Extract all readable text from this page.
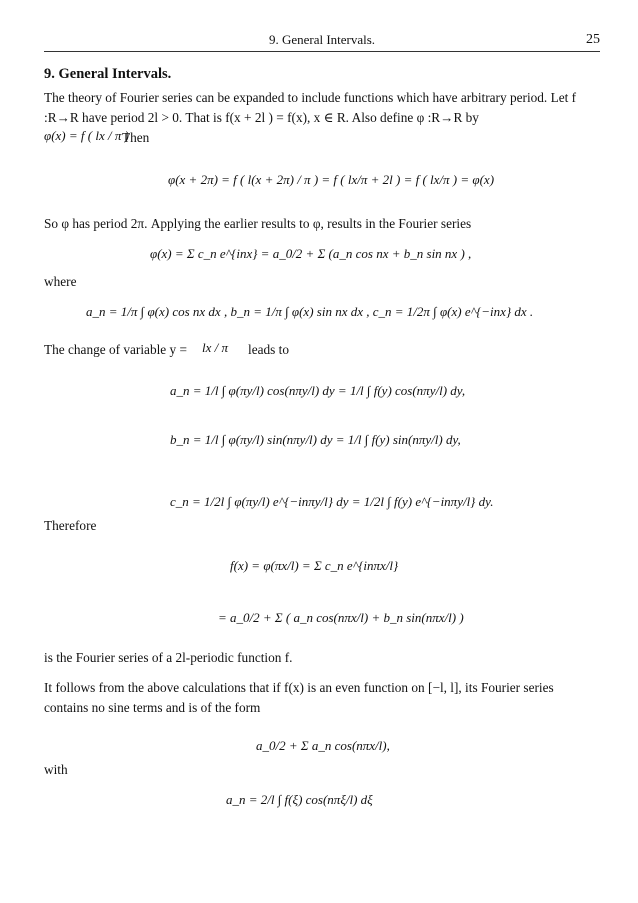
9. General Intervals.	25
9. General Intervals.
The theory of Fourier series can be expanded to include functions which have arbitrary period. Let f :R→R have period 2l > 0. That is f(x + 2l ) = f(x), x ∈ R. Also define φ :R→R by
φ(x) = f ( lx / π )
Then
φ(x + 2π) = f ( l(x + 2π) / π ) = f ( lx/π + 2l ) = f ( lx/π ) = φ(x)
So φ has period 2π. Applying the earlier results to φ, results in the Fourier series
φ(x) = Σ c_n e^{inx} = a_0/2 + Σ (a_n cos nx + b_n sin nx ) ,
where
a_n = 1/π ∫ φ(x) cos nx dx , b_n = 1/π ∫ φ(x) sin nx dx , c_n = 1/2π ∫ φ(x) e^{−inx} dx .
The change of variable y =	lx / π leads to
a_n = 1/l ∫ φ(πy/l) cos(nπy/l) dy = 1/l ∫ f(y) cos(nπy/l) dy,
b_n = 1/l ∫ φ(πy/l) sin(nπy/l) dy = 1/l ∫ f(y) sin(nπy/l) dy,
c_n = 1/2l ∫ φ(πy/l) e^{−inπy/l} dy = 1/2l ∫ f(y) e^{−inπy/l} dy.
Therefore
f(x) = φ(πx/l) = Σ c_n e^{inπx/l}
= a_0/2 + Σ ( a_n cos(nπx/l) + b_n sin(nπx/l) )
is the Fourier series of a 2l-periodic function f.
It follows from the above calculations that if f(x) is an even function on [−l, l], its Fourier series contains no sine terms and is of the form
a_0/2 + Σ a_n cos(nπx/l),
with
a_n = 2/l ∫ f(ξ) cos(nπξ/l) dξ
